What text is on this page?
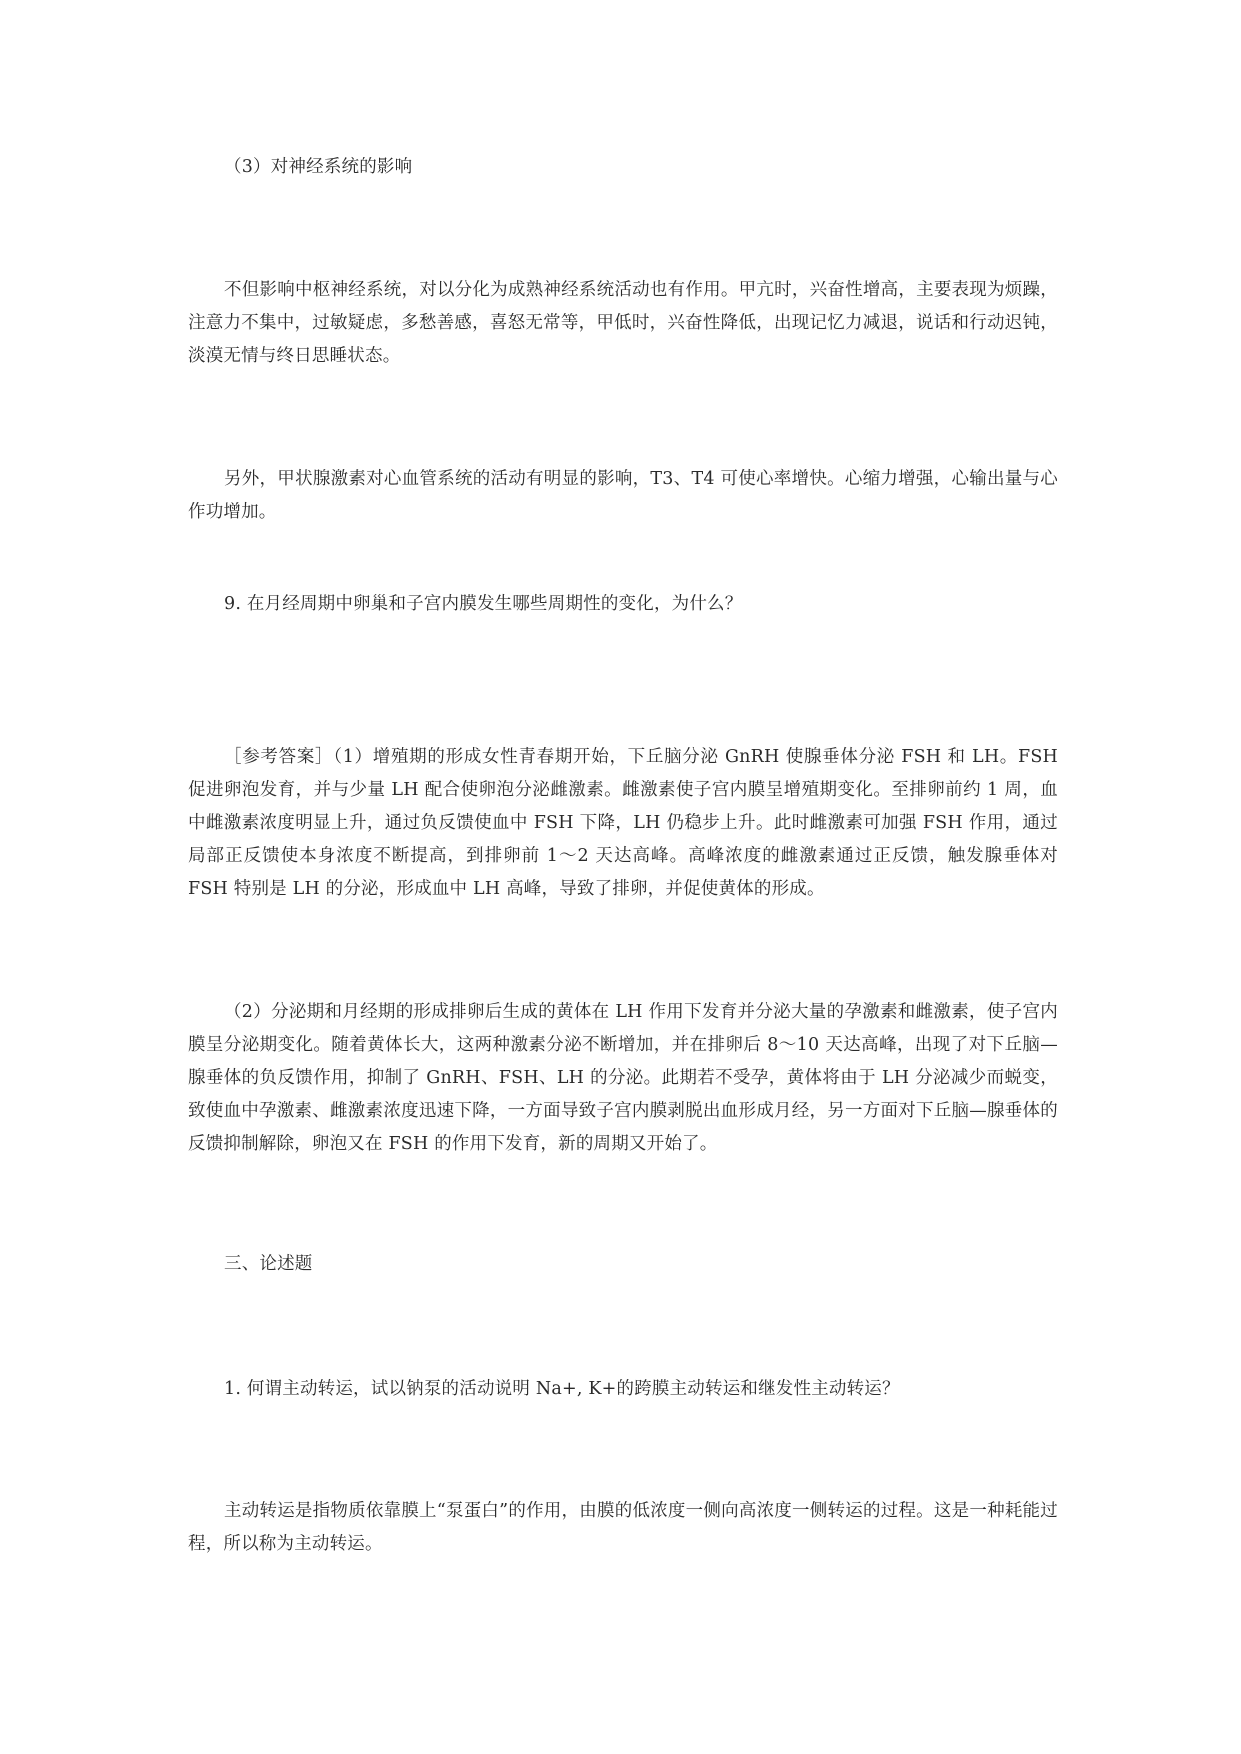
（3）对神经系统的影响

不但影响中枢神经系统，对以分化为成熟神经系统活动也有作用。甲亢时，兴奋性增高，主要表现为烦躁，注意力不集中，过敏疑虑，多愁善感，喜怒无常等，甲低时，兴奋性降低，出现记忆力减退，说话和行动迟钝，淡漠无情与终日思睡状态。

另外，甲状腺激素对心血管系统的活动有明显的影响，T3、T4 可使心率增快。心缩力增强，心输出量与心作功增加。

9. 在月经周期中卵巢和子宫内膜发生哪些周期性的变化，为什么？

［参考答案］（1）增殖期的形成女性青春期开始，下丘脑分泌 GnRH 使腺垂体分泌 FSH 和 LH。FSH 促进卵泡发育，并与少量 LH 配合使卵泡分泌雌激素。雌激素使子宫内膜呈增殖期变化。至排卵前约 1 周，血中雌激素浓度明显上升，通过负反馈使血中 FSH 下降，LH 仍稳步上升。此时雌激素可加强 FSH 作用，通过局部正反馈使本身浓度不断提高，到排卵前 1～2 天达高峰。高峰浓度的雌激素通过正反馈，触发腺垂体对 FSH 特别是 LH 的分泌，形成血中 LH 高峰，导致了排卵，并促使黄体的形成。

（2）分泌期和月经期的形成排卵后生成的黄体在 LH 作用下发育并分泌大量的孕激素和雌激素，使子宫内膜呈分泌期变化。随着黄体长大，这两种激素分泌不断增加，并在排卵后 8～10 天达高峰，出现了对下丘脑—腺垂体的负反馈作用，抑制了 GnRH、FSH、LH 的分泌。此期若不受孕，黄体将由于 LH 分泌减少而蜕变，致使血中孕激素、雌激素浓度迅速下降，一方面导致子宫内膜剥脱出血形成月经，另一方面对下丘脑—腺垂体的反馈抑制解除，卵泡又在 FSH 的作用下发育，新的周期又开始了。

三、论述题

1. 何谓主动转运，试以钠泵的活动说明 Na+, K+的跨膜主动转运和继发性主动转运？

主动转运是指物质依靠膜上“泵蛋白”的作用，由膜的低浓度一侧向高浓度一侧转运的过程。这是一种耗能过程，所以称为主动转运。
